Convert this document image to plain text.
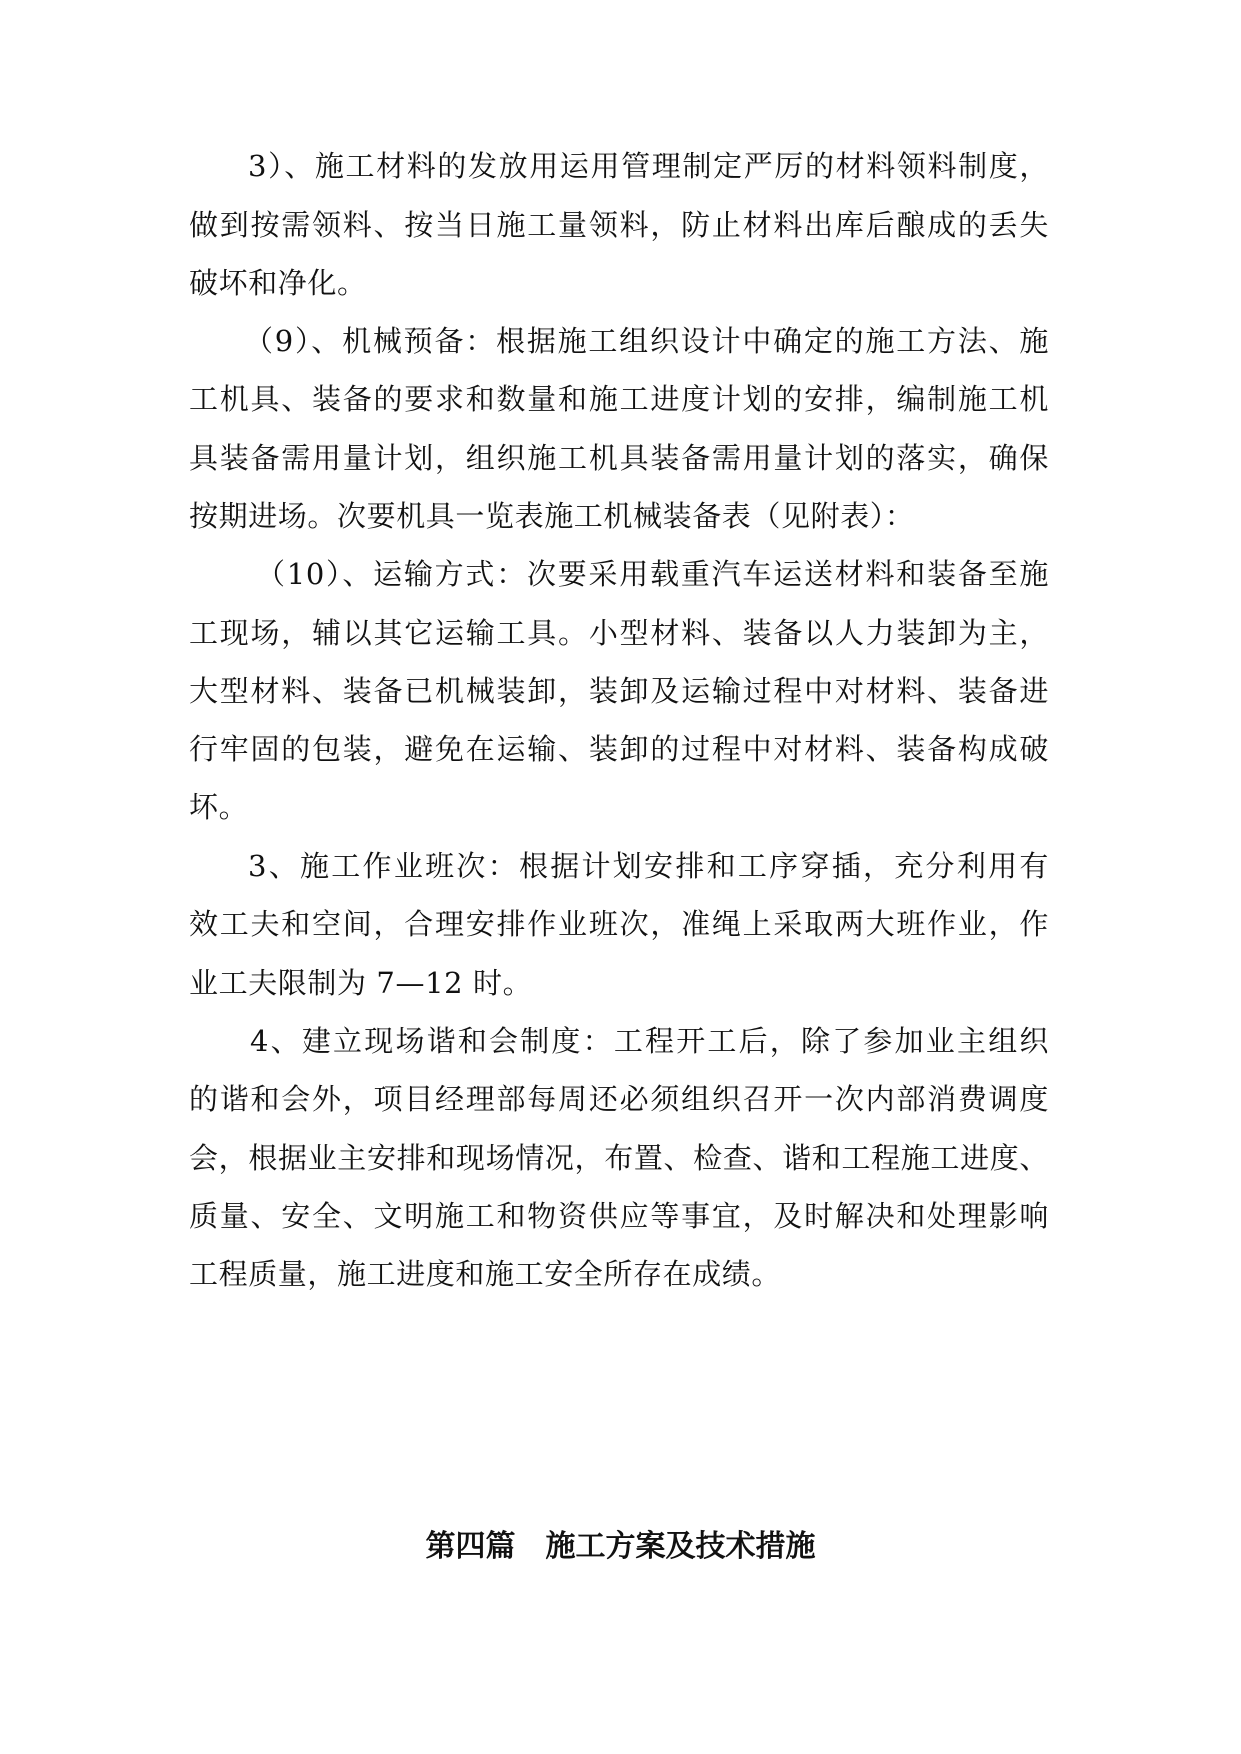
3）、施工材料的发放用运用管理制定严厉的材料领料制度，
做到按需领料、按当日施工量领料，防止材料出库后酿成的丢失
破坏和净化。
（9）、机械预备：根据施工组织设计中确定的施工方法、施
工机具、装备的要求和数量和施工进度计划的安排，编制施工机
具装备需用量计划，组织施工机具装备需用量计划的落实，确保
按期进场。次要机具一览表施工机械装备表（见附表）：
（10）、运输方式：次要采用载重汽车运送材料和装备至施
工现场，辅以其它运输工具。小型材料、装备以人力装卸为主，
大型材料、装备已机械装卸，装卸及运输过程中对材料、装备进
行牢固的包装，避免在运输、装卸的过程中对材料、装备构成破
坏。
3、施工作业班次：根据计划安排和工序穿插，充分利用有
效工夫和空间，合理安排作业班次，准绳上采取两大班作业，作
业工夫限制为 7—12 时。
4、建立现场谐和会制度：工程开工后，除了参加业主组织
的谐和会外，项目经理部每周还必须组织召开一次内部消费调度
会，根据业主安排和现场情况，布置、检查、谐和工程施工进度、
质量、安全、文明施工和物资供应等事宜，及时解决和处理影响
工程质量，施工进度和施工安全所存在成绩。
第四篇　施工方案及技术措施
